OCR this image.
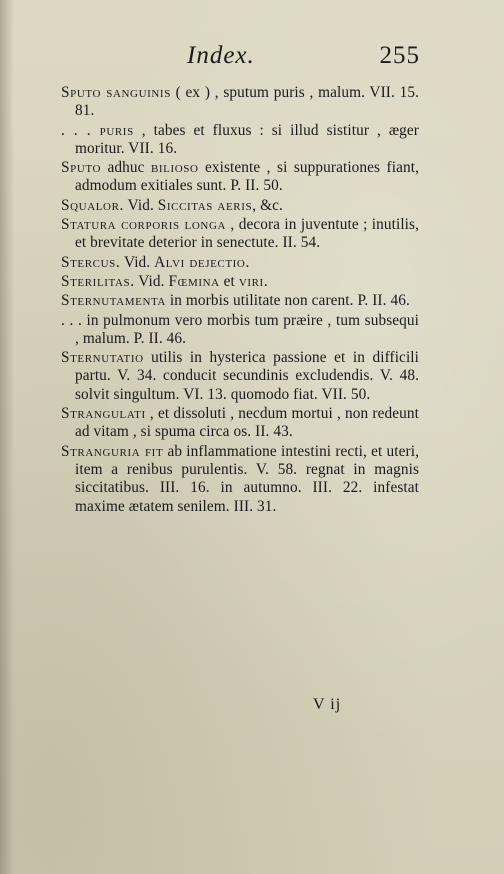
Index.	255

Sputo sanguinis ( ex ) , sputum puris , malum. VII. 15. 81.

. . . puris , tabes et fluxus : si illud sistitur , æger moritur. VII. 16.

Sputo adhuc bilioso existente , si suppurationes fiant, admodum exitiales sunt. P. II. 50.

Squalor. Vid. Siccitas aeris, &c.

Statura corporis longa , decora in juventute ; inutilis, et brevitate deterior in senectute. II. 54.

Stercus. Vid. Alvi dejectio.

Sterilitas. Vid. Fœmina et viri.

Sternutamenta in morbis utilitate non carent. P. II. 46.

. . . in pulmonum vero morbis tum præire , tum subsequi , malum. P. II. 46.

Sternutatio utilis in hysterica passione et in difficili partu. V. 34. conducit secundinis excludendis. V. 48. solvit singultum. VI. 13. quomodo fiat. VII. 50.

Strangulati , et dissoluti , necdum mortui , non redeunt ad vitam , si spuma circa os. II. 43.

Stranguria fit ab inflammatione intestini recti, et uteri, item a renibus purulentis. V. 58. regnat in magnis siccitatibus. III. 16. in autumno. III. 22. infestat maxime ætatem senilem. III. 31.

V ij
